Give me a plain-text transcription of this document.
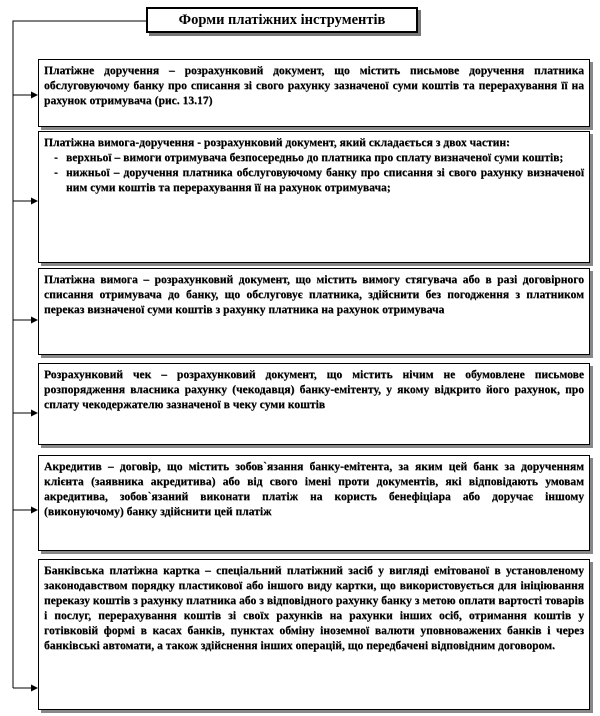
Форми платіжних інструментів
Платіжне доручення – розрахунковий документ, що містить письмове доручення платника обслуговуючому банку про списання зі свого рахунку зазначеної суми коштів та перерахування її на рахунок отримувача (рис. 13.17)
Платіжна вимога-доручення - розрахунковий документ, який складається з двох частин:
- верхньої – вимоги отримувача безпосередньо до платника про сплату визначеної суми коштів;
- нижньої – доручення платника обслуговуючому банку про списання зі свого рахунку визначеної ним суми коштів та перерахування її на рахунок отримувача;
Платіжна вимога – розрахунковий документ, що містить вимогу стягувача або в разі договірного списання отримувача до банку, що обслуговує платника, здійснити без погодження з платником переказ визначеної суми коштів з рахунку платника на рахунок отримувача
Розрахунковий чек – розрахунковий документ, що містить нічим не обумовлене письмове розпорядження власника рахунку (чекодавця) банку-емітенту, у якому відкрито його рахунок, про сплату чекодержателю зазначеної в чеку суми коштів
Акредитив – договір, що містить зобов`язання банку-емітента, за яким цей банк за дорученням клієнта (заявника акредитива) або від свого імені проти документів, які відповідають умовам акредитива, зобов`язаний виконати платіж на користь бенефіціара або доручає іншому (виконуючому) банку здійснити цей платіж
Банківська платіжна картка – спеціальний платіжний засіб у вигляді емітованої в установленому законодавством порядку пластикової або іншого виду картки, що використовується для ініціювання переказу коштів з рахунку платника або з відповідного рахунку банку з метою оплати вартості товарів і послуг, перерахування коштів зі своїх рахунків на рахунки інших осіб, отримання коштів у готівковій формі в касах банків, пунктах обміну іноземної валюти уповноважених банків і через банківські автомати, а також здійснення інших операцій, що передбачені відповідним договором.
